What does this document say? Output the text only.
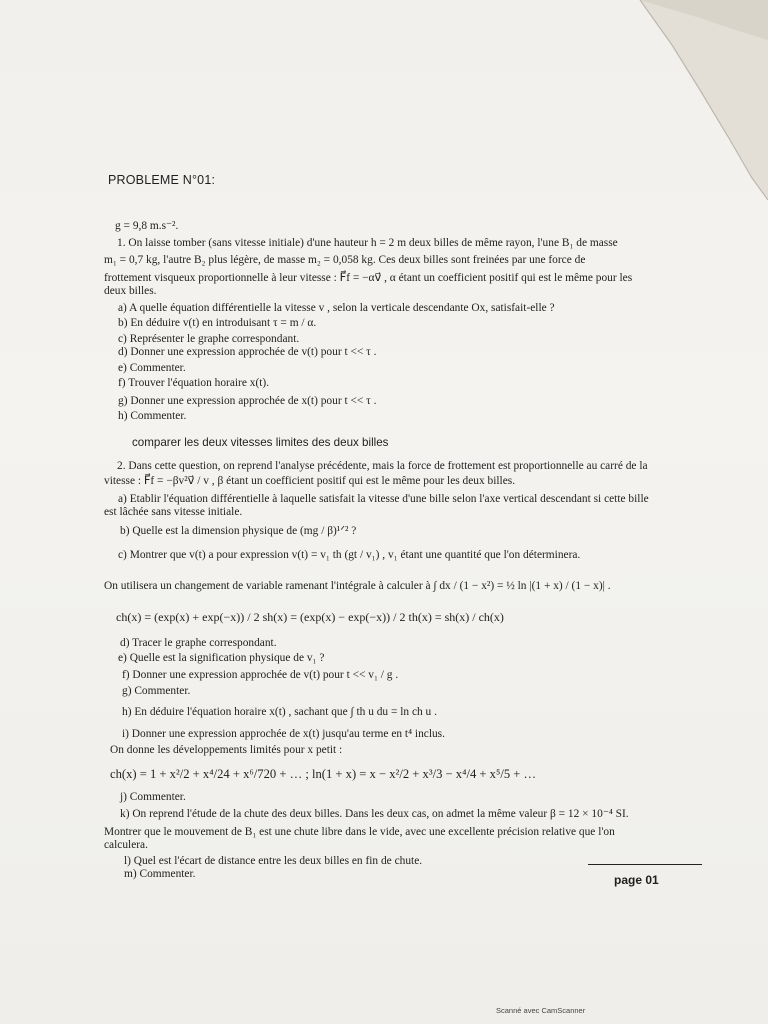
PROBLEME N°01:
g = 9,8 m.s⁻².
1. On laisse tomber (sans vitesse initiale) d'une hauteur h = 2 m deux billes de même rayon, l'une B₁ de masse
m₁ = 0,7 kg, l'autre B₂ plus légère, de masse m₂ = 0,058 kg. Ces deux billes sont freinées par une force de
frottement visqueux proportionnelle à leur vitesse : F⃗f = −αv⃗ , α étant un coefficient positif qui est le même pour les
deux billes.
a) A quelle équation différentielle la vitesse v , selon la verticale descendante Ox, satisfait-elle ?
b) En déduire v(t) en introduisant τ = m / α.
c) Représenter le graphe correspondant.
d) Donner une expression approchée de v(t) pour t << τ .
e) Commenter.
f) Trouver l'équation horaire x(t).
g) Donner une expression approchée de x(t) pour t << τ .
h) Commenter.
comparer les deux vitesses limites des deux billes
2. Dans cette question, on reprend l'analyse précédente, mais la force de frottement est proportionnelle au carré de la
vitesse : F⃗f = −βv²v⃗ / v , β étant un coefficient positif qui est le même pour les deux billes.
a) Etablir l'équation différentielle à laquelle satisfait la vitesse d'une bille selon l'axe vertical descendant si cette bille
est lâchée sans vitesse initiale.
b) Quelle est la dimension physique de (mg / β)¹ᐟ² ?
c) Montrer que v(t) a pour expression v(t) = v₁ th (gt / v₁) , v₁ étant une quantité que l'on déterminera.
On utilisera un changement de variable ramenant l'intégrale à calculer à ∫ dx / (1 − x²) = ½ ln |(1 + x) / (1 − x)| .
ch(x) = (exp(x) + exp(−x)) / 2 sh(x) = (exp(x) − exp(−x)) / 2 th(x) = sh(x) / ch(x)
d) Tracer le graphe correspondant.
e) Quelle est la signification physique de v₁ ?
f) Donner une expression approchée de v(t) pour t << v₁ / g .
g) Commenter.
h) En déduire l'équation horaire x(t) , sachant que ∫ th u du = ln ch u .
i) Donner une expression approchée de x(t) jusqu'au terme en t⁴ inclus.
On donne les développements limités pour x petit :
ch(x) = 1 + x²/2 + x⁴/24 + x⁶/720 + … ; ln(1 + x) = x − x²/2 + x³/3 − x⁴/4 + x⁵/5 + …
j) Commenter.
k) On reprend l'étude de la chute des deux billes. Dans les deux cas, on admet la même valeur β = 12 × 10⁻⁴ SI.
Montrer que le mouvement de B₁ est une chute libre dans le vide, avec une excellente précision relative que l'on
calculera.
l) Quel est l'écart de distance entre les deux billes en fin de chute.
m) Commenter.	page 01
Scanné avec CamScanner
